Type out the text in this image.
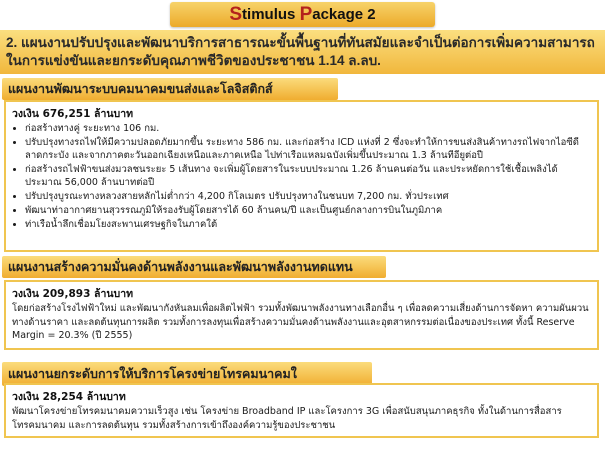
S timulus P ackage 2
2. แผนงานปรับปรุงและพัฒนาบริการสาธารณะขั้นพื้นฐานที่ทันสมัยและจำเป็นต่อการเพิ่มความสามารถในการแข่งขันและยกระดับคุณภาพชีวิตของประชาชน 1.14 ล.ลบ.
แผนงานพัฒนาระบบคมนาคมขนส่งและโลจิสติกส์
วงเงิน 676,251 ล้านบาท
• ก่อสร้างทางคู่ ระยะทาง 106 กม.
• ปรับปรุงทางรถไฟให้มีความปลอดภัยมากขึ้น ระยะทาง 586 กม. และก่อสร้าง ICD แห่งที่ 2 ซึ่งจะทำให้การขนส่งสินค้าทางรถไฟจากไอซีดีลาดกระบัง และจากภาคตะวันออกเฉียงเหนือและภาคเหนือ ไปท่าเรือแหลมฉบังเพิ่มขึ้นประมาณ 1.3 ล้านทีอียูต่อปี
• ก่อสร้างรถไฟฟ้าขนส่งมวลชนระยะ 5 เส้นทาง จะเพิ่มผู้โดยสารในระบบประมาณ 1.26 ล้านคนต่อวัน และประหยัดการใช้เชื้อเพลิงได้ประมาณ 56,000 ล้านบาทต่อปี
• ปรับปรุงบูรณะทางหลวงสายหลักไม่ต่ำกว่า 4,200 กิโลเมตร ปรับปรุงทางในชนบท 7,200 กม. ทั่วประเทศ
• พัฒนาท่าอากาศยานสุวรรณภูมิให้รองรับผู้โดยสารได้ 60 ล้านคน/ปี และเป็นศูนย์กลางการบินในภูมิภาค
• ท่าเรือน้ำลึกเชื่อมโยงสะพานเศรษฐกิจในภาคใต้
แผนงานสร้างความมั่นคงด้านพลังงานและพัฒนาพลังงานทดแทน
วงเงิน 209,893 ล้านบาท
โดยก่อสร้างโรงไฟฟ้าใหม่ และพัฒนากังหันลมเพื่อผลิตไฟฟ้า รวมทั้งพัฒนาพลังงานทางเลือกอื่น ๆ เพื่อลดความเสี่ยงด้านการจัดหา ความผันผวนทางด้านราคา และลดต้นทุนการผลิต รวมทั้งการลงทุนเพื่อสร้างความมั่นคงด้านพลังงานและอุตสาหกรรมต่อเนื่องของประเทศ ทั้งนี้ Reserve Margin = 20.3% (ปี 2555)
แผนงานยกระดับการให้บริการโครงข่ายโทรคมนาคมใ
วงเงิน 28,254 ล้านบาท
พัฒนาโครงข่ายโทรคมนาคมความเร็วสูง เช่น โครงข่าย Broadband IP และโครงการ 3G เพื่อสนับสนุนภาคธุรกิจ ทั้งในด้านการสื่อสารโทรคมนาคม และการลดต้นทุน รวมทั้งสร้างการเข้าถึงองค์ความรู้ของประชาชน
